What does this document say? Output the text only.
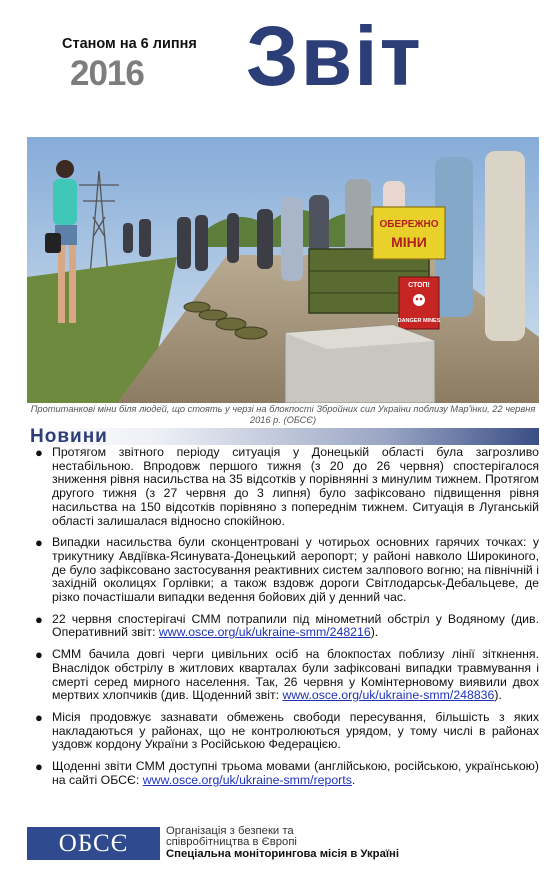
Станом на 6 липня
2016 Звіт
ОБЕРЕЖНО
МІНИ
СТОП!
DANGER MINES
Протитанкові міни біля людей, що стоять у черзі на блокпості Збройних сил України поблизу Мар'їнки, 22 червня 2016 р. (ОБСЄ)
Новини
● Протягом звітного періоду ситуація у Донецькій області була загрозливо нестабільною. Впродовж першого тижня (з 20 до 26 червня) спостерігалося зниження рівня насильства на 35 відсотків у порівнянні з минулим тижнем. Протягом другого тижня (з 27 червня до 3 липня) було зафіксовано підвищення рівня насильства на 150 відсотків порівняно з попереднім тижнем. Ситуація в Луганській області залишалася відносно спокійною.
● Випадки насильства були сконцентровані у чотирьох основних гарячих точках: у трикутнику Авдіївка-Ясинувата-Донецький аеропорт; у районі навколо Широкиного, де було зафіксовано застосування реактивних систем залпового вогню; на північній і західній околицях Горлівки; а також вздовж дороги Світлодарськ-Дебальцеве, де різко почастішали випадки ведення бойових дій у денний час.
● 22 червня спостерігачі СММ потрапили під мінометний обстріл у Водяному (див. Оперативний звіт: www.osce.org/uk/ukraine-smm/248216).
● СММ бачила довгі черги цивільних осіб на блокпостах поблизу лінії зіткнення. Внаслідок обстрілу в житлових кварталах були зафіксовані випадки травмування і смерті серед мирного населення. Так, 26 червня у Комінтерновому виявили двох мертвих хлопчиків (див. Щоденний звіт: www.osce.org/uk/ukraine-smm/248836).
● Місія продовжує зазнавати обмежень свободи пересування, більшість з яких накладаються у районах, що не контролюються урядом, у тому числі в районах уздовж кордону України з Російською Федерацією.
● Щоденні звіти СММ доступні трьома мовами (англійською, російською, українською) на сайті ОБСЄ: www.osce.org/uk/ukraine-smm/reports.
ОБСЄ	Організація з безпеки та
співробітництва в Європі
Спеціальна моніторингова місія в Україні
